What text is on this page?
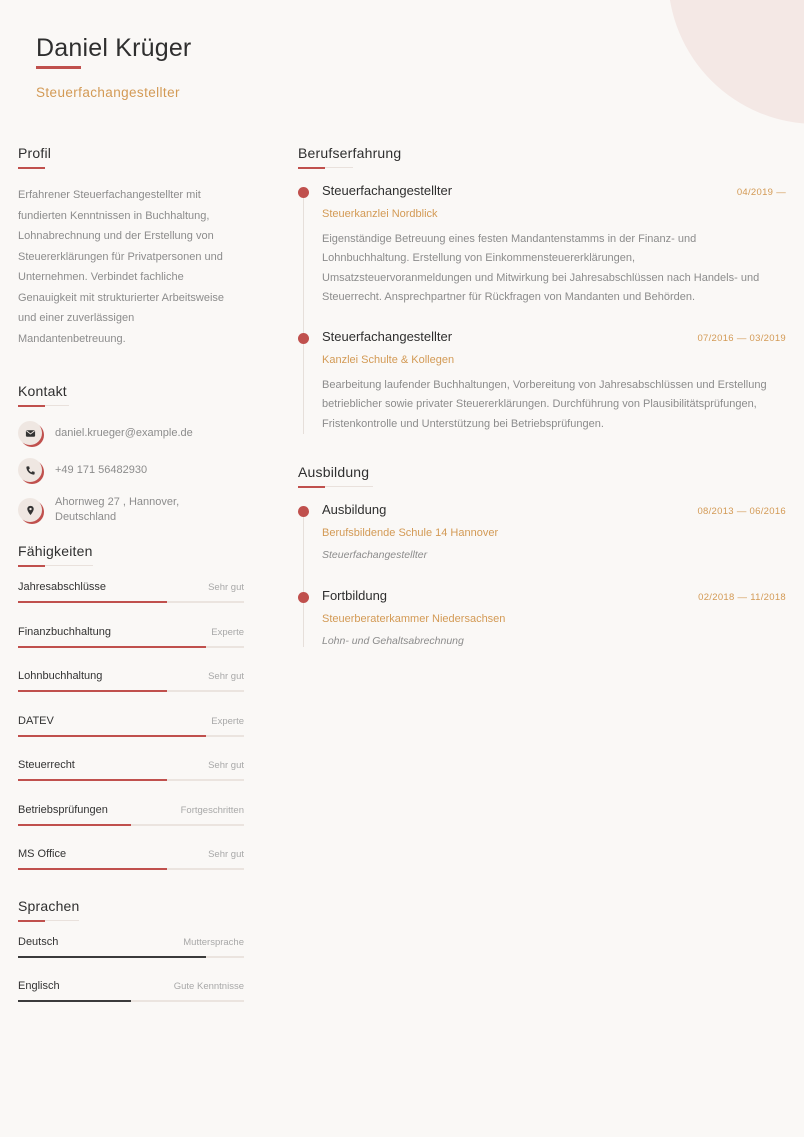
Daniel Krüger
Steuerfachangestellter
Profil
Erfahrener Steuerfachangestellter mit fundierten Kenntnissen in Buchhaltung, Lohnabrechnung und der Erstellung von Steuererklärungen für Privatpersonen und Unternehmen. Verbindet fachliche Genauigkeit mit strukturierter Arbeitsweise und einer zuverlässigen Mandantenbetreuung.
Kontakt
daniel.krueger@example.de
+49 171 56482930
Ahornweg 27 , Hannover,
Deutschland
Fähigkeiten
Jahresabschlüsse	Sehr gut
Finanzbuchhaltung	Experte
Lohnbuchhaltung	Sehr gut
DATEV	Experte
Steuerrecht	Sehr gut
Betriebsprüfungen	Fortgeschritten
MS Office	Sehr gut
Sprachen
Deutsch	Muttersprache
Englisch	Gute Kenntnisse
Berufserfahrung
Steuerfachangestellter	04/2019 —
Steuerkanzlei Nordblick
Eigenständige Betreuung eines festen Mandantenstamms in der Finanz- und Lohnbuchhaltung. Erstellung von Einkommensteuererklärungen, Umsatzsteuervoranmeldungen und Mitwirkung bei Jahresabschlüssen nach Handels- und Steuerrecht. Ansprechpartner für Rückfragen von Mandanten und Behörden.
Steuerfachangestellter	07/2016 — 03/2019
Kanzlei Schulte & Kollegen
Bearbeitung laufender Buchhaltungen, Vorbereitung von Jahresabschlüssen und Erstellung betrieblicher sowie privater Steuererklärungen. Durchführung von Plausibilitätsprüfungen, Fristenkontrolle und Unterstützung bei Betriebsprüfungen.
Ausbildung
Ausbildung	08/2013 — 06/2016
Berufsbildende Schule 14 Hannover
Steuerfachangestellter
Fortbildung	02/2018 — 11/2018
Steuerberaterkammer Niedersachsen
Lohn- und Gehaltsabrechnung
